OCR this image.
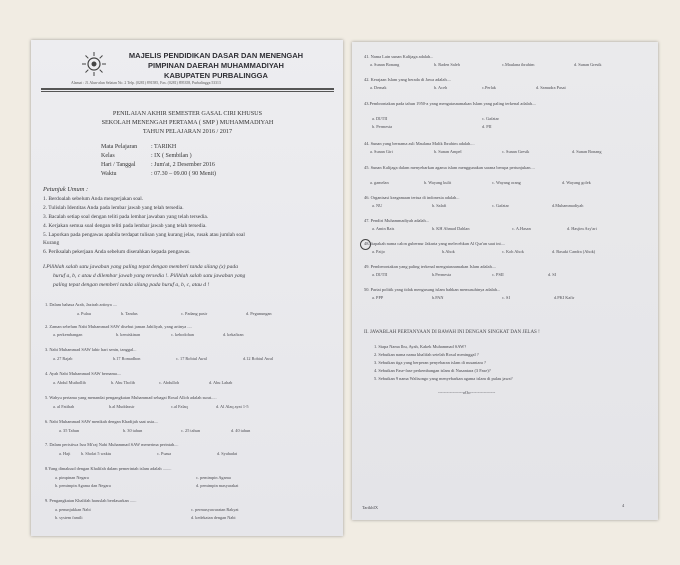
MAJELIS PENDIDIKAN DASAR DAN MENENGAH
PIMPINAN DAERAH MUHAMMADIYAH
KABUPATEN PURBALINGGA
Alamat : Jl. Alun-alun Selatan No. 2 Telp. (0281) 891585, Fax. (0281) 895358, Purbalingga 53313
PENILAIAN AKHIR SEMESTER GASAL CIRI KHUSUS
SEKOLAH MENENGAH PERTAMA ( SMP ) MUHAMMADIYAH
TAHUN PELAJARAN 2016 / 2017
Mata Pelajaran : TARIKH
Kelas	: IX ( Sembilan )
Hari / Tanggal	: Jum'at, 2 Desember 2016
Waktu	: 07.30 – 09.00 ( 90 Menit)
Petunjuk Umum :
1. Berdoalah sebelum Anda mengerjakan soal.
2. Tulislah Identitas Anda pada lembar jawab yang telah tersedia.
3. Bacalah setiap soal dengan teliti pada lembar jawaban yang telah tersedia.
4. Kerjakan semua soal dengan teliti pada lembar jawab yang telah tersedia.
5. Laporkan pada pengawas apabila terdapat tulisan yang kurang jelas, rusak atau jumlah soal
Kurang
6. Periksalah pekerjaan Anda sebelum diserahkan kepada pengawas.
I.Pilihlah salah satu jawaban yang paling tepat dengan memberi tanda silang (x) pada
huruf a, b, c atau d dilembar jawab yang tersedia !. Pilihlah salah satu jawaban yang
paling tepat dengan memberi tanda silang pada huruf a, b, c, atau d !
1. Dalam bahasa Arab, Jazirah artinya ....
a. Pulau	b. Tandus	c. Padang pasir	d. Pegunungan
2. Zaman sebelum Nabi Muhammad SAW disebut jaman Jahiliyah, yang artinya ....
a. perkembangan	b. kemiskinan	c. kebodohan	d. kekafiran
3. Nabi Muhammad SAW lahir hari senin, tanggal...
a. 27 Rajab	b.17 Romadhon	c. 17 Robiul Awal	d.12 Robiul Awal
4. Ayah Nabi Muhammad SAW bernama....
a. Abdul Muthollib	b. Abu Tholib	c. Abdulloh	d. Abu Lahab
5. Wahyu pertama yang menandai pengangkatan Muhammad sebagai Rosul Alloh adalah surat.....
a. al Fatihah	b.al Muddassir	c.al Falaq	d. Al Alaq ayat 1-5
6. Nabi Muhammad SAW menikah dengan Khadijah saat usia....
a. 35 Tahun	b. 30 tahun	c. 25 tahun	d. 40 tahun
7. Dalam peristiwa Isra Mi'raj Nabi Muhammad SAW menerima perintah....
a. Haji b. Sholat 5 waktu	c. Puasa	d. Syahadat
8.Yang dimaksud dengan Khalifah dalam pemerintah islam adalah ........
a. pimpinan Negara	c. pemimpin Agama
b. pemimpin Agama dan Negara	d. pemimpin masyarakat
9. Pengangkatan Khalifah haruslah berdasarkan ......
a. penunjukkan Nabi	c. permusyawaratan Rakyat
b. system famili	d. kedekatan dengan Nabi
41. Nama Lain sunan Kalijaga adalah...
a. Sunan Bonang	b. Raden Saleh	c.Maulana ibrahim	d. Sunan Gresik
42. Kerajaan Islam yang berada di Jawa adalah....
a. Demak	b. Aceh	c.Perlak	d. Samudra Pasai
43.Pembrontakan pada tahun 1950-a yang mengatasnamakan Islam yang paling terkenal adalah....
a. DI/TII	c. Gafatar
b. Permesta	d. PII
44. Sunan yang bernama asli Maulana Malik Ibrahim adalah....
a. Sunan Giri	b. Sunan Ampel	c. Sunan Gresik	d. Sunan Bonang
45. Sunan Kalijaga dalam menyebarkan agama islam menggunakan sarana berupa pertunjukan....
a. gamelan	b. Wayang kulit	c. Wayang orang	d. Wayang golek
46. Organisasi keagamaan tertua di indonesia adalah...
a. NU	b. Salafi	c. Gafatar	d.Muhammadiyah
47. Pendiri Muhammadiyah adalah...
a. Amin Rais	b. KH Ahmad Dahlan	c. A.Hasan	d. Hasjim Asy'ari
48.Siapakah nama calon gubernur Jakarta yang melecehkan Al Qur'an saat ini....
a. Paijo	b.Ahok	c. Koh Ahok	d. Basuki Candra (Ahok)
49. Pemberontakan yang paling terkenal mengatasnamakan Islam adalah....
a. DI/TII	b.Permesta	c. PSII	d. SI
50. Partai politik yang tidak mengusung islam bahkan memusuhinya adalah...
a. PPP	b.PAN	c. SI	d.PKI Kafir
II. JAWABLAH PERTANYAAN DI BAWAH INI DENGAN SINGKAT DAN JELAS !
1. Siapa Nama Ibu, Ayah, Kakek Muhammad SAW?
2. Sebutkan nama nama khalifah setelah Rosul meninggal ?
3. Sebutkan tiga yang berperan penyebaran islam di nusantara ?
4. Sebutkan Fase-fase perkembangan islam di Nusantara (3 Fase)?
5. Sebutkan 9 nama Walisongo yang menyebarkan agama islam di pulau jawa?
-----------------oOo-----------------
TarikhIX	4
